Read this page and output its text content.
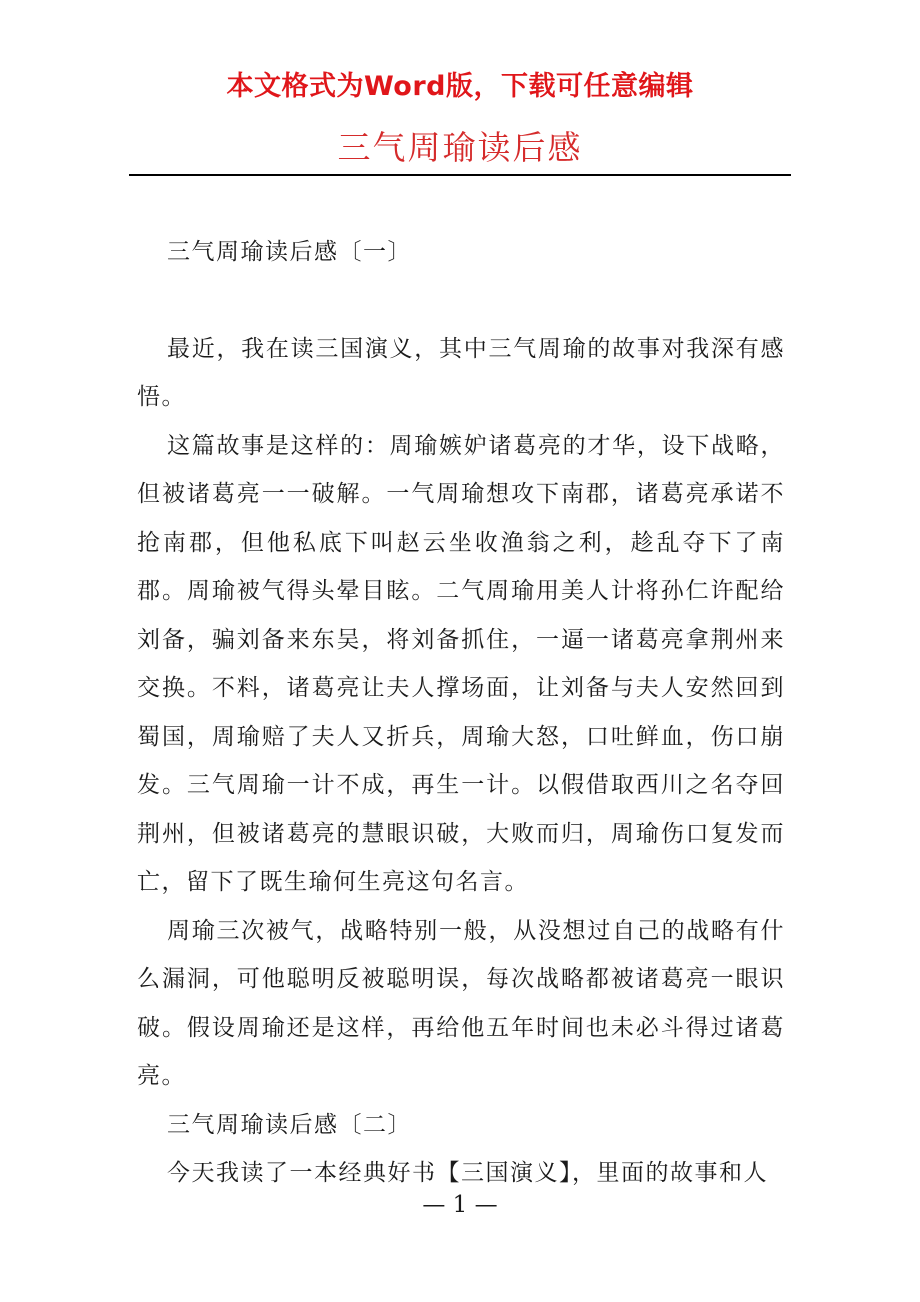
本文格式为Word版，下载可任意编辑
三气周瑜读后感

三气周瑜读后感〔一〕

最近，我在读三国演义，其中三气周瑜的故事对我深有感悟。

这篇故事是这样的：周瑜嫉妒诸葛亮的才华，设下战略，但被诸葛亮一一破解。一气周瑜想攻下南郡，诸葛亮承诺不抢南郡，但他私底下叫赵云坐收渔翁之利，趁乱夺下了南郡。周瑜被气得头晕目眩。二气周瑜用美人计将孙仁许配给刘备，骗刘备来东吴，将刘备抓住，一逼一诸葛亮拿荆州来交换。不料，诸葛亮让夫人撑场面，让刘备与夫人安然回到蜀国，周瑜赔了夫人又折兵，周瑜大怒，口吐鲜血，伤口崩发。三气周瑜一计不成，再生一计。以假借取西川之名夺回荆州，但被诸葛亮的慧眼识破，大败而归，周瑜伤口复发而亡，留下了既生瑜何生亮这句名言。

周瑜三次被气，战略特别一般，从没想过自己的战略有什么漏洞，可他聪明反被聪明误，每次战略都被诸葛亮一眼识破。假设周瑜还是这样，再给他五年时间也未必斗得过诸葛亮。

三气周瑜读后感〔二〕

今天我读了一本经典好书【三国演义】，里面的故事和人

— 1 —
